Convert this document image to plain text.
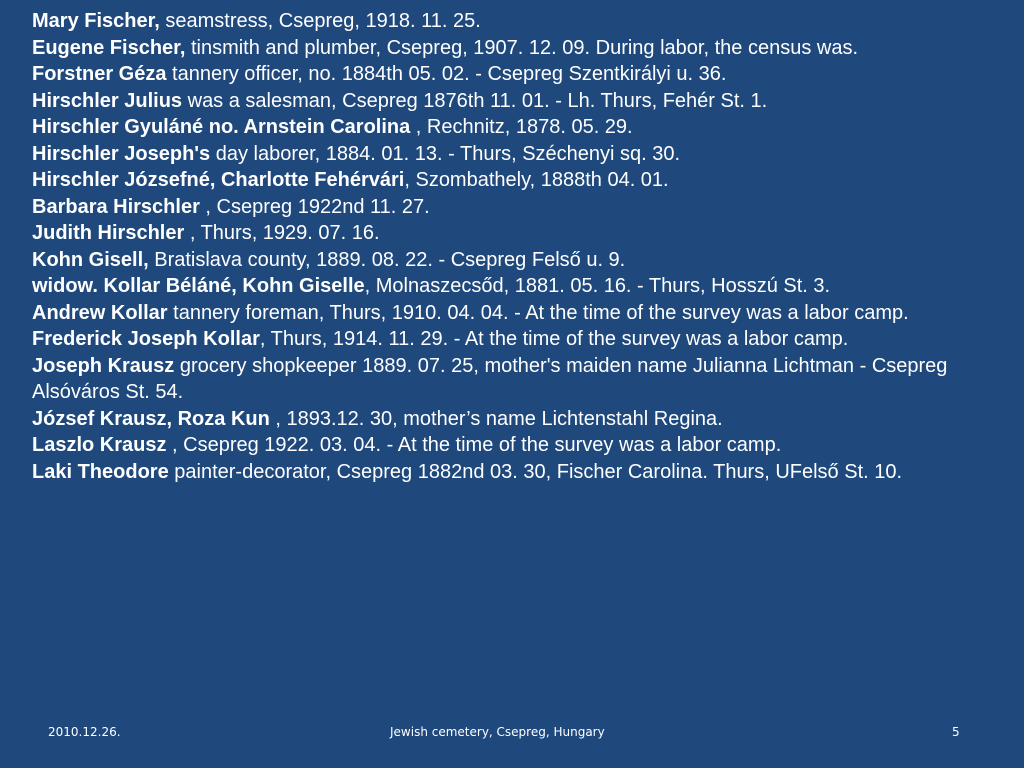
Mary Fischer, seamstress, Csepreg, 1918. 11. 25.
Eugene Fischer, tinsmith and plumber, Csepreg, 1907. 12. 09. During labor, the census was.
Forstner Géza tannery officer, no. 1884th 05. 02. - Csepreg Szentkirályi u. 36.
Hirschler Julius was a salesman, Csepreg 1876th 11. 01. - Lh. Thurs, Fehér St. 1.
Hirschler Gyuláné no. Arnstein Carolina , Rechnitz, 1878. 05. 29.
Hirschler Joseph's day laborer, 1884. 01. 13. - Thurs, Széchenyi sq. 30.
Hirschler Józsefné, Charlotte Fehérvári, Szombathely, 1888th 04. 01.
Barbara Hirschler , Csepreg 1922nd 11. 27.
Judith Hirschler , Thurs, 1929. 07. 16.
Kohn Gisell, Bratislava county, 1889. 08. 22. - Csepreg Felső u. 9.
widow. Kollar Béláné, Kohn Giselle, Molnaszecsőd, 1881. 05. 16. - Thurs, Hosszú St. 3.
Andrew Kollar tannery foreman, Thurs, 1910. 04. 04. - At the time of the survey was a labor camp.
Frederick Joseph Kollar, Thurs, 1914. 11. 29. - At the time of the survey was a labor camp.
Joseph Krausz grocery shopkeeper 1889. 07. 25, mother's maiden name Julianna Lichtman - Csepreg Alsóváros St. 54.
József Krausz, Roza Kun , 1893.12. 30, mother’s name Lichtenstahl Regina.
Laszlo Krausz , Csepreg 1922. 03. 04. - At the time of the survey was a labor camp.
Laki Theodore painter-decorator, Csepreg 1882nd 03. 30, Fischer Carolina. Thurs, UFelső St. 10.
2010.12.26.	Jewish cemetery, Csepreg, Hungary	5
